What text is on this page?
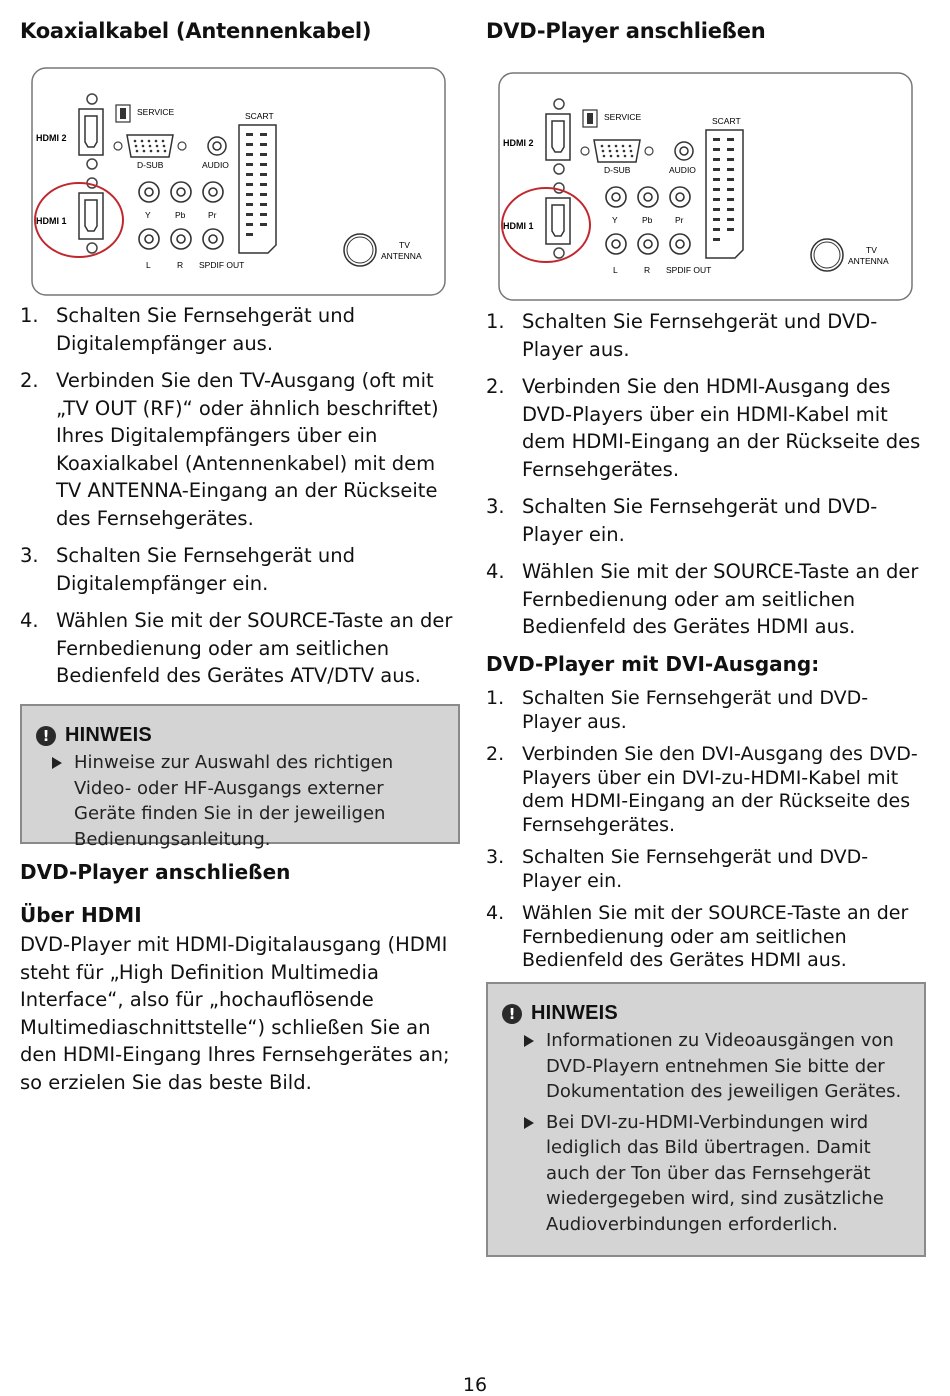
Koaxialkabel (Antennenkabel)
HDMI 2
HDMI 1
SERVICE
D-SUB	AUDIO
Y	Pb	Pr
L	R SPDIF OUT
SCART
TV
ANTENNA
1. Schalten Sie Fernsehgerät und Digitalempfänger aus.
2. Verbinden Sie den TV-Ausgang (oft mit „TV OUT (RF)“ oder ähnlich beschriftet) Ihres Digitalempfängers über ein Koaxialkabel (Antennenkabel) mit dem TV ANTENNA-Eingang an der Rückseite des Fernsehgerätes.
3. Schalten Sie Fernsehgerät und Digitalempfänger ein.
4. Wählen Sie mit der SOURCE-Taste an der Fernbedienung oder am seitlichen Bedienfeld des Gerätes ATV/DTV aus.
! HINWEIS
Hinweise zur Auswahl des richtigen Video- oder HF-Ausgangs externer Geräte finden Sie in der jeweiligen Bedienungsanleitung.
DVD-Player anschließen
Über HDMI

DVD-Player mit HDMI-Digitalausgang (HDMI steht für „High Definition Multimedia Interface“, also für „hochauflösende Multimediaschnittstelle“) schließen Sie an den HDMI-Eingang Ihres Fernsehgerätes an; so erzielen Sie das beste Bild.

DVD-Player anschließen
HDMI 2
HDMI 1
SERVICE
D-SUB	AUDIO
Y	Pb	Pr
L	R SPDIF OUT
SCART
TV
ANTENNA
1. Schalten Sie Fernsehgerät und DVD-Player aus.
2. Verbinden Sie den HDMI-Ausgang des DVD-Players über ein HDMI-Kabel mit dem HDMI-Eingang an der Rückseite des Fernsehgerätes.
3. Schalten Sie Fernsehgerät und DVD-Player ein.
4. Wählen Sie mit der SOURCE-Taste an der Fernbedienung oder am seitlichen Bedienfeld des Gerätes HDMI aus.
DVD-Player mit DVI-Ausgang:
1. Schalten Sie Fernsehgerät und DVD-Player aus.
2. Verbinden Sie den DVI-Ausgang des DVD-Players über ein DVI-zu-HDMI-Kabel mit dem HDMI-Eingang an der Rückseite des Fernsehgerätes.
3. Schalten Sie Fernsehgerät und DVD-Player ein.
4. Wählen Sie mit der SOURCE-Taste an der Fernbedienung oder am seitlichen Bedienfeld des Gerätes HDMI aus.
! HINWEIS
Informationen zu Videoausgängen von DVD-Playern entnehmen Sie bitte der Dokumentation des jeweiligen Gerätes.
Bei DVI-zu-HDMI-Verbindungen wird lediglich das Bild übertragen. Damit auch der Ton über das Fernsehgerät wiedergegeben wird, sind zusätzliche Audioverbindungen erforderlich.
16
